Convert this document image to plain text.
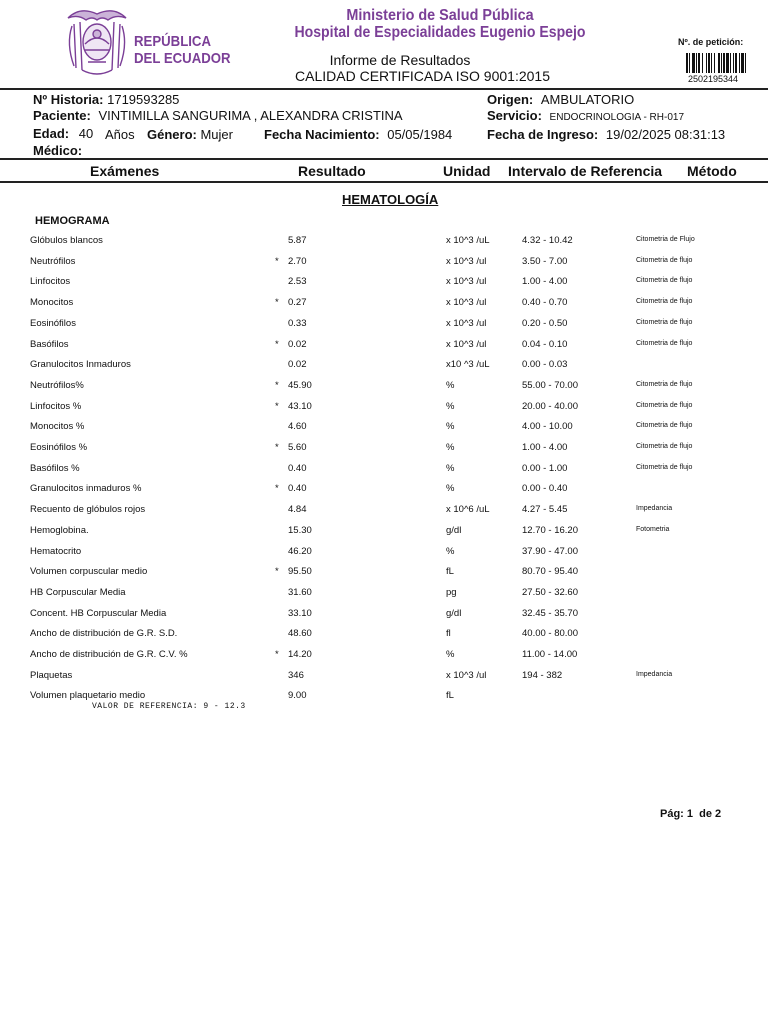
REPÚBLICA
DEL ECUADOR
Ministerio de Salud Pública
Hospital de Especialidades Eugenio Espejo
Informe de Resultados
CALIDAD CERTIFICADA ISO 9001:2015
Nº. de petición:
2502195344
Nº Historia: 1719593285	Origen: AMBULATORIO
Paciente: VINTIMILLA SANGURIMA , ALEXANDRA CRISTINA	Servicio: ENDOCRINOLOGIA - RH-017
Edad: 40 Años Género: Mujer Fecha Nacimiento: 05/05/1984	Fecha de Ingreso: 19/02/2025 08:31:13
Médico:
Exámenes	Resultado	Unidad Intervalo de Referencia Método
HEMATOLOGÍA
HEMOGRAMA
Glóbulos blancos	5.87	x 10^3 /uL	4.32 - 10.42	Citometria de Flujo
Neutrófilos	* 2.70	x 10^3 /ul	3.50 - 7.00	Citometria de flujo
Linfocitos	2.53	x 10^3 /ul	1.00 - 4.00	Citometria de flujo
Monocitos	* 0.27	x 10^3 /ul	0.40 - 0.70	Citometria de flujo
Eosinófilos	0.33	x 10^3 /ul	0.20 - 0.50	Citometria de flujo
Basófilos	* 0.02	x 10^3 /ul	0.04 - 0.10	Citometria de flujo
Granulocitos Inmaduros	0.02	x10 ^3 /uL	0.00 - 0.03
Neutrófilos%	* 45.90	%	55.00 - 70.00	Citometria de flujo
Linfocitos %	* 43.10	%	20.00 - 40.00	Citometria de flujo
Monocitos %	4.60	%	4.00 - 10.00	Citometria de flujo
Eosinófilos %	* 5.60	%	1.00 - 4.00	Citometria de flujo
Basófilos %	0.40	%	0.00 - 1.00	Citometria de flujo
Granulocitos inmaduros %	* 0.40	%	0.00 - 0.40
Recuento de glóbulos rojos	4.84	x 10^6 /uL	4.27 - 5.45	Impedancia
Hemoglobina.	15.30	g/dl	12.70 - 16.20	Fotometria
Hematocrito	46.20	%	37.90 - 47.00
Volumen corpuscular medio	* 95.50	fL	80.70 - 95.40
HB Corpuscular Media	31.60	pg	27.50 - 32.60
Concent. HB Corpuscular Media	33.10	g/dl	32.45 - 35.70
Ancho de distribución de G.R. S.D.	48.60	fl	40.00 - 80.00
Ancho de distribución de G.R. C.V. %	* 14.20	%	11.00 - 14.00
Plaquetas	346	x 10^3 /ul	194 - 382	Impedancia
Volumen plaquetario medio	9.00	fL
VALOR DE REFERENCIA: 9 - 12.3
Pág: 1 de 2
